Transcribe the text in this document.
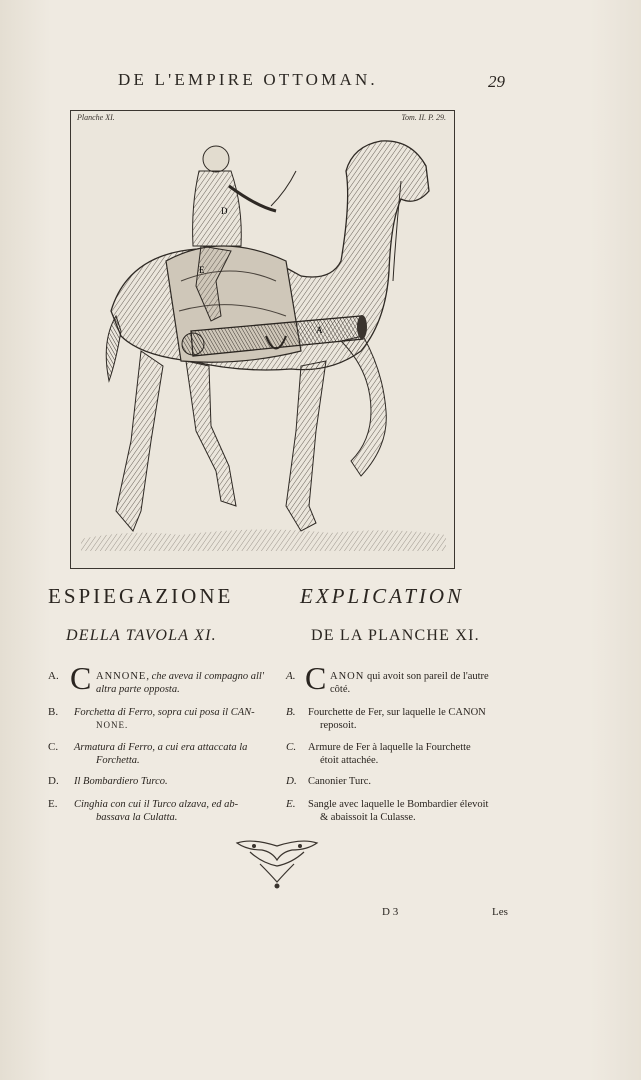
DE L'EMPIRE OTTOMAN.	29
Planche XI.	Tom. II. P. 29.
D
E
A
ESPIEGAZIONE	EXPLICATION
DELLA TAVOLA XI.	DE LA PLANCHE XI.
A. C ANNONE, che aveva il compagno all'
altra parte opposta.
A. C ANON qui avoit son pareil de l'autre
côté.
B. Forchetta di Ferro, sopra cui posa il CAN-
NONE.
B. Fourchette de Fer, sur laquelle le CANON
reposoit.
C. Armatura di Ferro, a cui era attaccata la
Forchetta.
C. Armure de Fer à laquelle la Fourchette
étoit attachée.
D. Il Bombardiero Turco.	D. Canonier Turc.
E. Cinghia con cui il Turco alzava, ed ab-
bassava la Culatta.
E. Sangle avec laquelle le Bombardier élevoit
& abaissoit la Culasse.
D 3	Les
